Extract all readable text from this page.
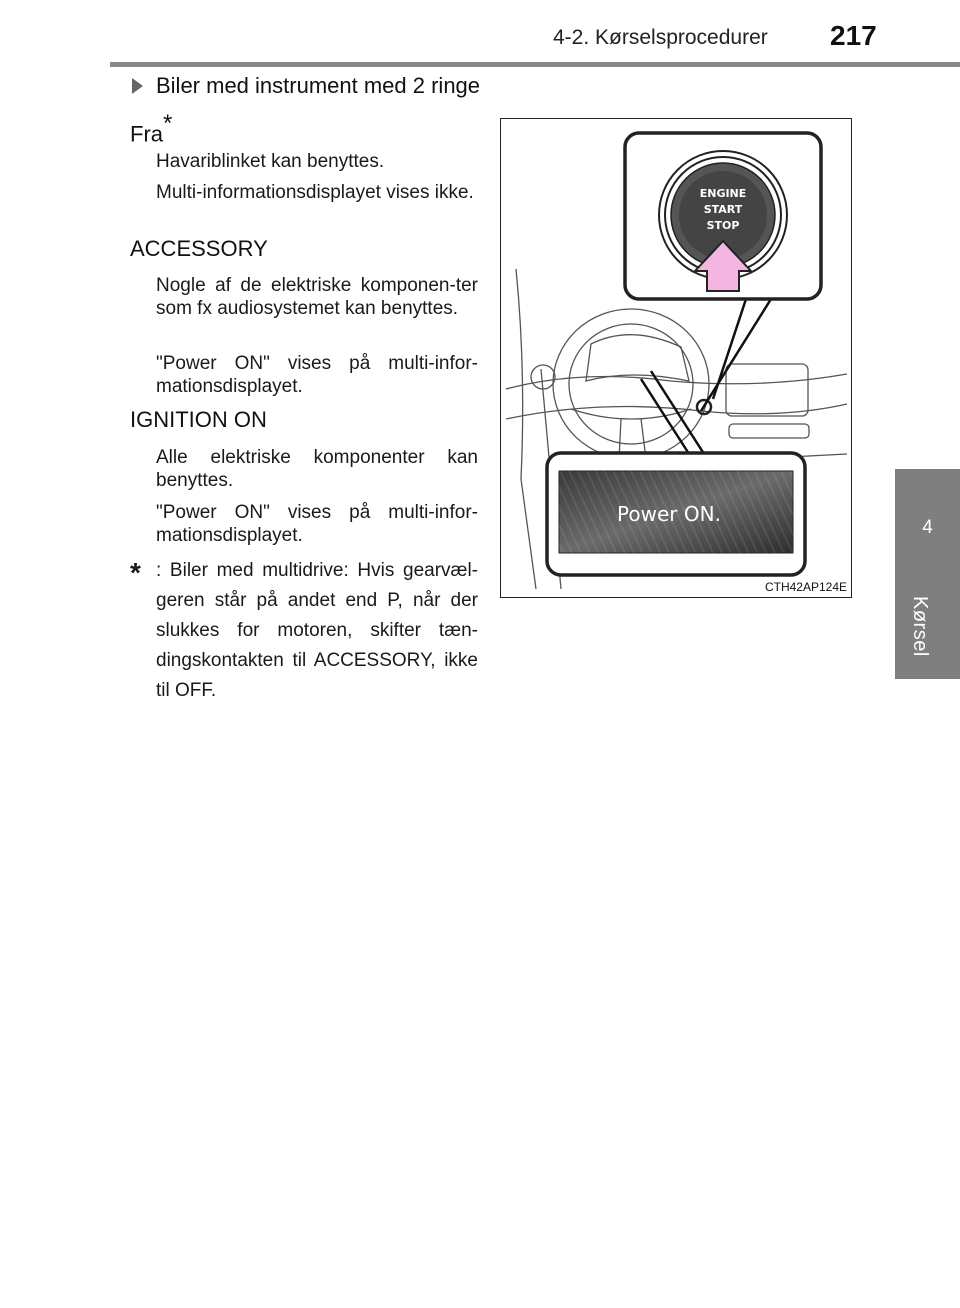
4-2. Kørselsprocedurer 217
4
Kørsel
Biler med instrument med 2 ringe
Fra*
Havariblinket kan benyttes.
Multi-informationsdisplayet vises ikke.
ACCESSORY
Nogle af de elektriske komponen-ter som fx audiosystemet kan benyttes.
"Power ON" vises på multi-infor-mationsdisplayet.
IGNITION ON
Alle elektriske komponenter kan benyttes.
"Power ON" vises på multi-infor-mationsdisplayet.
* : Biler med multidrive: Hvis gearvæl-geren står på andet end P, når der slukkes for motoren, skifter tæn-dingskontakten til ACCESSORY, ikke til OFF.
ENGINE
START
STOP
Power ON.
CTH42AP124E
